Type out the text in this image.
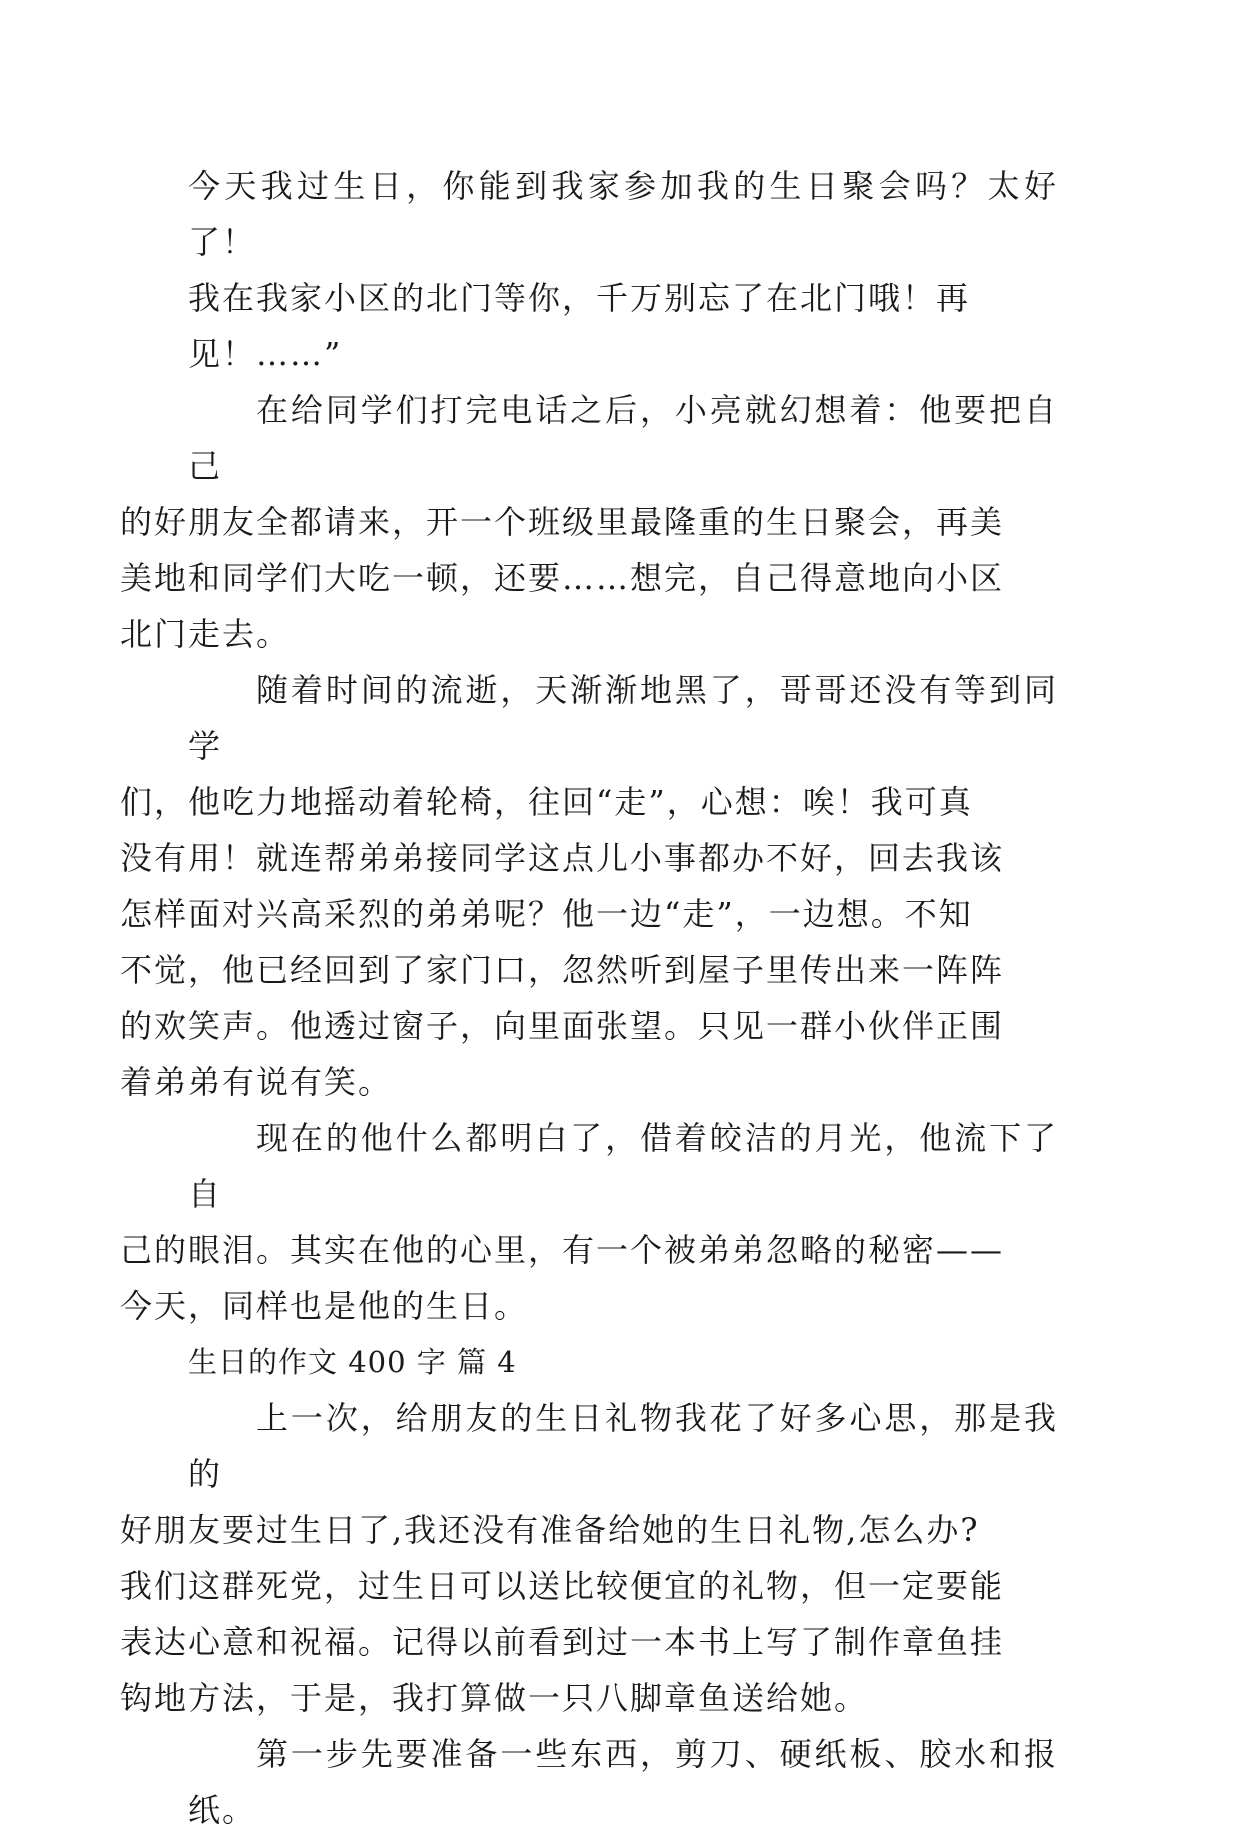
今天我过生日，你能到我家参加我的生日聚会吗？太好了！
我在我家小区的北门等你，千万别忘了在北门哦！再
见！……”

在给同学们打完电话之后，小亮就幻想着：他要把自己
的好朋友全都请来，开一个班级里最隆重的生日聚会，再美
美地和同学们大吃一顿，还要……想完，自己得意地向小区
北门走去。

随着时间的流逝，天渐渐地黑了，哥哥还没有等到同学
们，他吃力地摇动着轮椅，往回“走”，心想：唉！我可真
没有用！就连帮弟弟接同学这点儿小事都办不好，回去我该
怎样面对兴高采烈的弟弟呢？他一边“走”，一边想。不知
不觉，他已经回到了家门口，忽然听到屋子里传出来一阵阵
的欢笑声。他透过窗子，向里面张望。只见一群小伙伴正围
着弟弟有说有笑。

现在的他什么都明白了，借着皎洁的月光，他流下了自
己的眼泪。其实在他的心里，有一个被弟弟忽略的秘密——
今天，同样也是他的生日。

生日的作文 400 字 篇 4

上一次，给朋友的生日礼物我花了好多心思，那是我的
好朋友要过生日了,我还没有准备给她的生日礼物,怎么办?
我们这群死党，过生日可以送比较便宜的礼物，但一定要能
表达心意和祝福。记得以前看到过一本书上写了制作章鱼挂
钩地方法，于是，我打算做一只八脚章鱼送给她。

第一步先要准备一些东西，剪刀、硬纸板、胶水和报纸。
